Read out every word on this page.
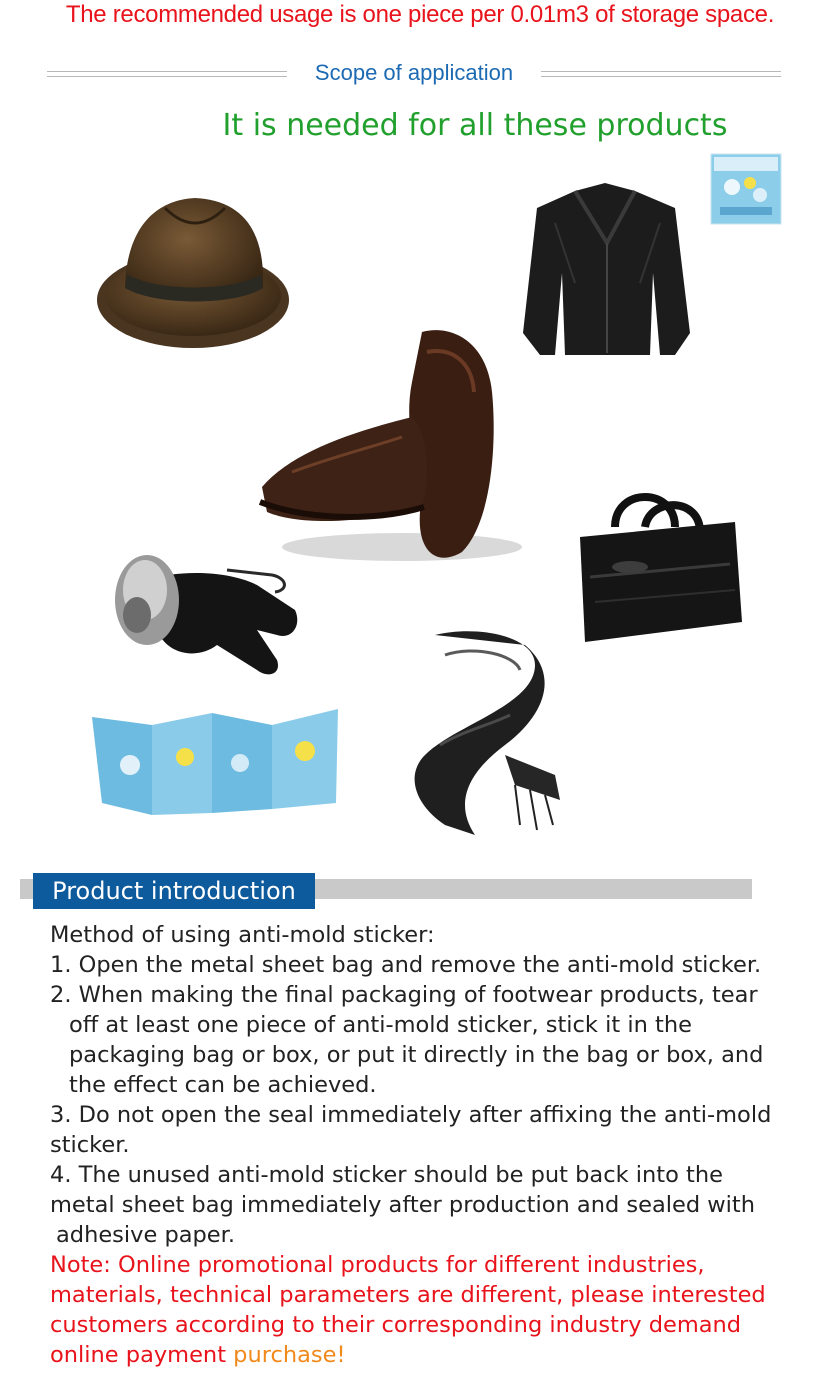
The recommended usage is one piece per 0.01m3 of storage space.
Scope of application
It is needed for all these products
Product introduction

Method of using anti-mold sticker:

1. Open the metal sheet bag and remove the anti-mold sticker.

2. When making the final packaging of footwear products, tear

off at least one piece of anti-mold sticker, stick it in the

packaging bag or box, or put it directly in the bag or box, and

the effect can be achieved.

3. Do not open the seal immediately after affixing the anti-mold

sticker.

4. The unused anti-mold sticker should be put back into the

metal sheet bag immediately after production and sealed with

adhesive paper.

Note: Online promotional products for different industries,

materials, technical parameters are different, please interested

customers according to their corresponding industry demand

online payment purchase!
